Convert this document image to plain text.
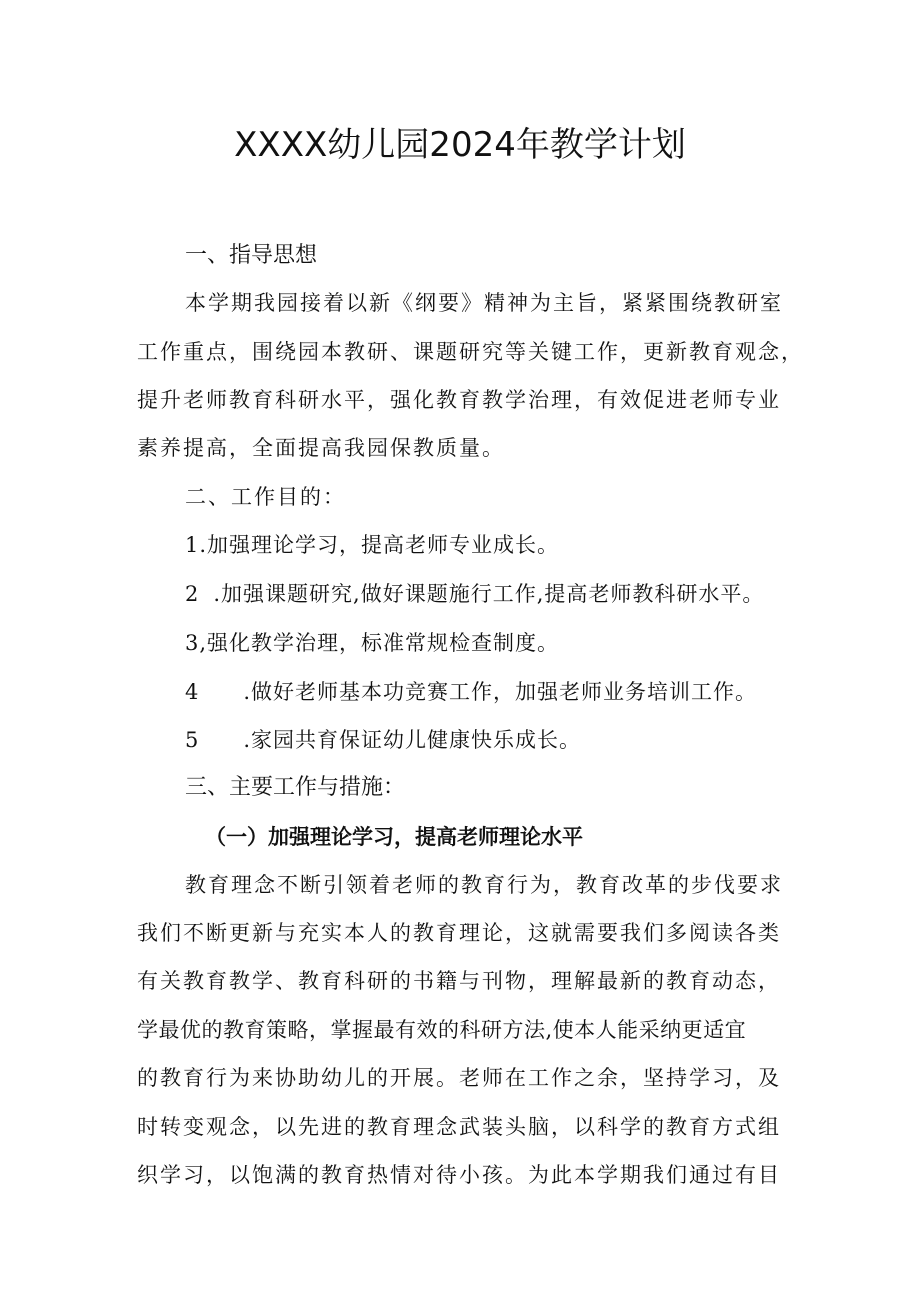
XXXX幼儿园2024年教学计划
一、指导思想
本学期我园接着以新《纲要》精神为主旨，紧紧围绕教研室
工作重点，围绕园本教研、课题研究等关键工作，更新教育观念，
提升老师教育科研水平，强化教育教学治理，有效促进老师专业
素养提高，全面提高我园保教质量。
二、工作目的：
1.加强理论学习，提高老师专业成长。
2 .加强课题研究,做好课题施行工作,提高老师教科研水平。
3,强化教学治理，标准常规检查制度。
4 .做好老师基本功竞赛工作，加强老师业务培训工作。
5 .家园共育保证幼儿健康快乐成长。
三、主要工作与措施：
（一）加强理论学习，提高老师理论水平
教育理念不断引领着老师的教育行为，教育改革的步伐要求
我们不断更新与充实本人的教育理论，这就需要我们多阅读各类
有关教育教学、教育科研的书籍与刊物，理解最新的教育动态，
学最优的教育策略，掌握最有效的科研方法,使本人能采纳更适宜
的教育行为来协助幼儿的开展。老师在工作之余，坚持学习，及
时转变观念，以先进的教育理念武装头脑，以科学的教育方式组
织学习，以饱满的教育热情对待小孩。为此本学期我们通过有目
